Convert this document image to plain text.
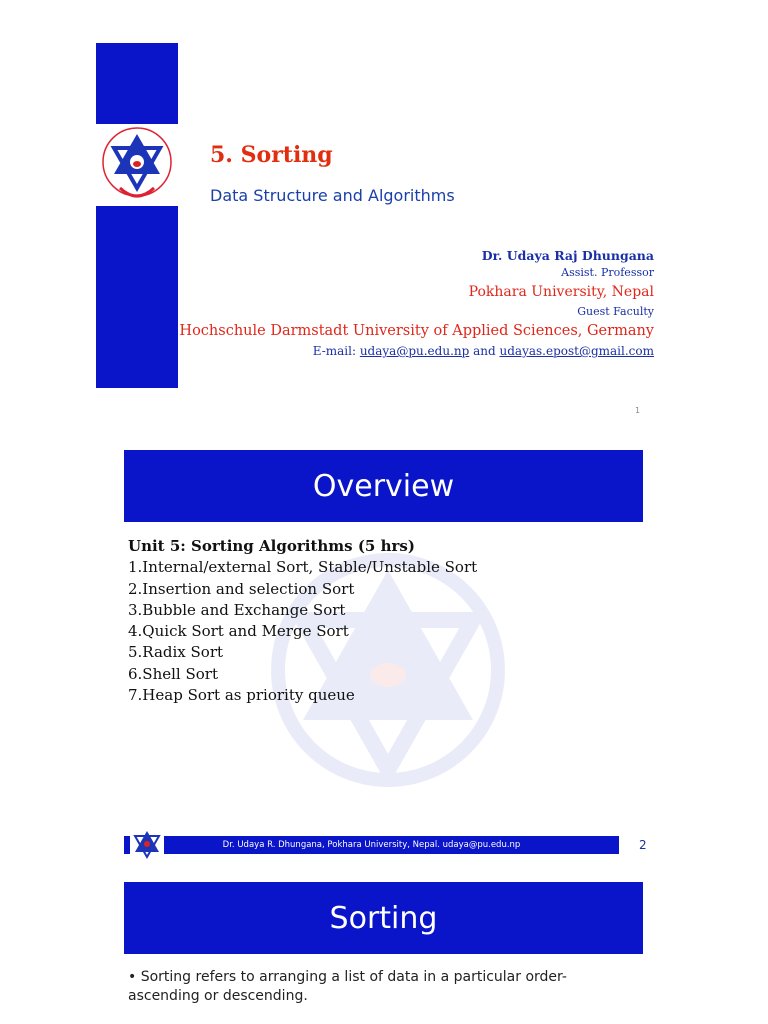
5. Sorting
Data Structure and Algorithms
Dr. Udaya Raj Dhungana
Assist. Professor
Pokhara University, Nepal
Guest Faculty
Hochschule Darmstadt University of Applied Sciences, Germany
E-mail: udaya@pu.edu.np and udayas.epost@gmail.com
1
Overview
Unit 5: Sorting Algorithms (5 hrs)
1.Internal/external Sort, Stable/Unstable Sort
2.Insertion and selection Sort
3.Bubble and Exchange Sort
4.Quick Sort and Merge Sort
5.Radix Sort
6.Shell Sort
7.Heap Sort as priority queue
Dr. Udaya R. Dhungana, Pokhara University, Nepal. udaya@pu.edu.np	2
Sorting
• Sorting refers to arranging a list of data in a particular order- ascending or descending.
